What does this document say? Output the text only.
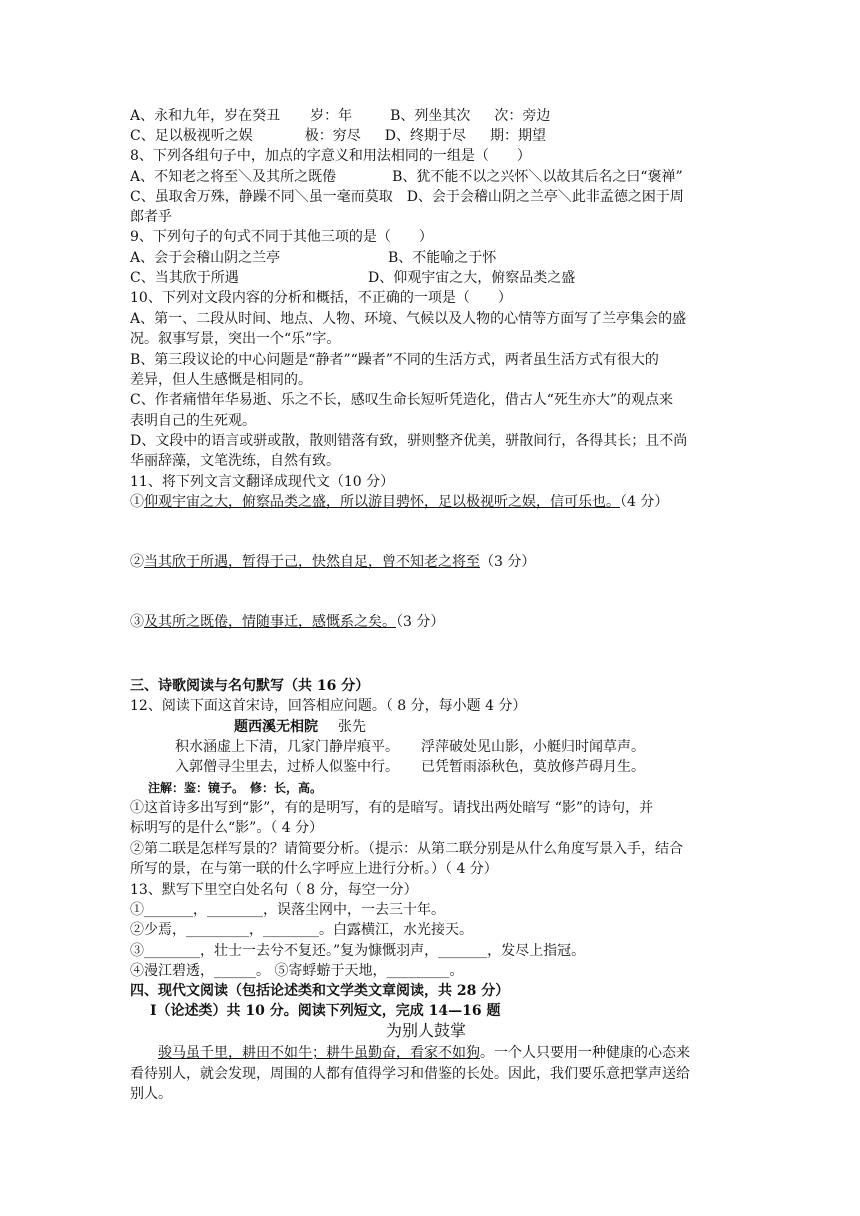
A、永和九年，岁在癸丑 岁：年	B、列坐其次 次：旁边
C、足以极视听之娱	极：穷尽 D、终期于尽 期：期望
8、下列各组句子中，加点的字意义和用法相同的一组是（　　）
A、不知老之将至＼及其所之既倦　　　　B、犹不能不以之兴怀＼以故其后名之曰“褒禅”
C、虽取舍万殊，静躁不同＼虽一毫而莫取　D、会于会稽山阴之兰亭＼此非孟德之困于周
郎者乎
9、下列句子的句式不同于其他三项的是（　　）
A、会于会稽山阴之兰亭	B、不能喻之于怀
C、当其欣于所遇	D、仰观宇宙之大，俯察品类之盛
10、下列对文段内容的分析和概括，不正确的一项是（　　）
A、第一、二段从时间、地点、人物、环境、气候以及人物的心情等方面写了兰亭集会的盛
况。叙事写景，突出一个“乐”字。
B、第三段议论的中心问题是“静者”“躁者”不同的生活方式，两者虽生活方式有很大的
差异，但人生感慨是相同的。
C、作者痛惜年华易逝、乐之不长，感叹生命长短听凭造化，借古人“死生亦大”的观点来
表明自己的生死观。
D、文段中的语言或骈或散，散则错落有致，骈则整齐优美，骈散间行，各得其长；且不尚
华丽辞藻，文笔洗练，自然有致。
11、将下列文言文翻译成现代文（10 分）
①仰观宇宙之大，俯察品类之盛，所以游目骋怀，足以极视听之娱，信可乐也。（4 分）
②当其欣于所遇，暂得于己，快然自足，曾不知老之将至（3 分）
③及其所之既倦，情随事迁，感慨系之矣。（3 分）
三、诗歌阅读与名句默写（共 16 分）
12、阅读下面这首宋诗，回答相应问题。（ 8 分，每小题 4 分）
题西溪无相院 张先
积水涵虚上下清，几家门静岸痕平。 浮萍破处见山影，小艇归时闻草声。
入郭僧寻尘里去，过桥人似鉴中行。 已凭暂雨添秋色，莫放修芦碍月生。
注解：鉴：镜子。　修：长，高。
①这首诗多出写到“影”，有的是明写，有的是暗写。请找出两处暗写 “影”的诗句，并
标明写的是什么“影”。（ 4 分）
②第二联是怎样写景的？请简要分析。（提示：从第二联分别是从什么角度写景入手，结合
所写的景，在与第一联的什么字呼应上进行分析。）（ 4 分）
13、默写下里空白处名句（ 8 分，每空一分）
①_______，________，误落尘网中，一去三十年。
②少焉，_________，________。白露横江，水光接天。
③________，壮士一去兮不复还。”复为慷慨羽声，_______，发尽上指冠。
④漫江碧透，______。 ⑤寄蜉蝣于天地，_________。
四、现代文阅读（包括论述类和文学类文章阅读，共 28 分）
Ⅰ（论述类）共 10 分。阅读下列短文，完成 14—16 题
为别人鼓掌
骏马虽千里，耕田不如牛；耕牛虽勤奋，看家不如狗。一个人只要用一种健康的心态来
看待别人，就会发现，周围的人都有值得学习和借鉴的长处。因此，我们要乐意把掌声送给
别人。
